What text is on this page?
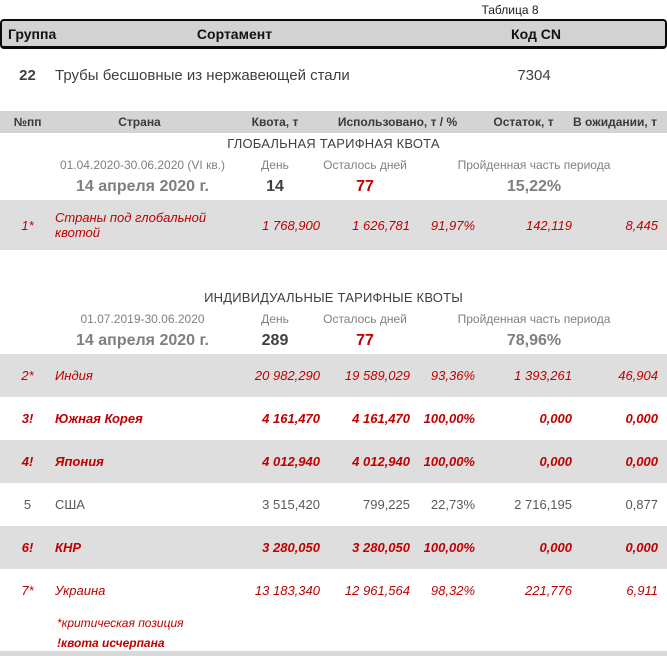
Таблица 8
Группа	Сортамент	Код CN
22	Трубы бесшовные из нержавеющей стали	7304
№пп	Страна	Квота, т	Использовано, т / %	Остаток, т	В ожидании, т
ГЛОБАЛЬНАЯ ТАРИФНАЯ КВОТА
01.04.2020-30.06.2020 (VI кв.)	День	Осталось дней	Пройденная часть периода
14 апреля 2020 г.	14	77	15,22%
1*	Страны под глобальной квотой	1 768,900	1 626,781	91,97%	142,119	8,445
ИНДИВИДУАЛЬНЫЕ ТАРИФНЫЕ КВОТЫ
01.07.2019-30.06.2020	День	Осталось дней	Пройденная часть периода
14 апреля 2020 г.	289	77	78,96%
2*	Индия	20 982,290	19 589,029	93,36%	1 393,261	46,904
3!	Южная Корея	4 161,470	4 161,470	100,00%	0,000	0,000
4!	Япония	4 012,940	4 012,940	100,00%	0,000	0,000
5	США	3 515,420	799,225	22,73%	2 716,195	0,877
6!	КНР	3 280,050	3 280,050	100,00%	0,000	0,000
7*	Украина	13 183,340	12 961,564	98,32%	221,776	6,911
*критическая позиция
!квота исчерпана
